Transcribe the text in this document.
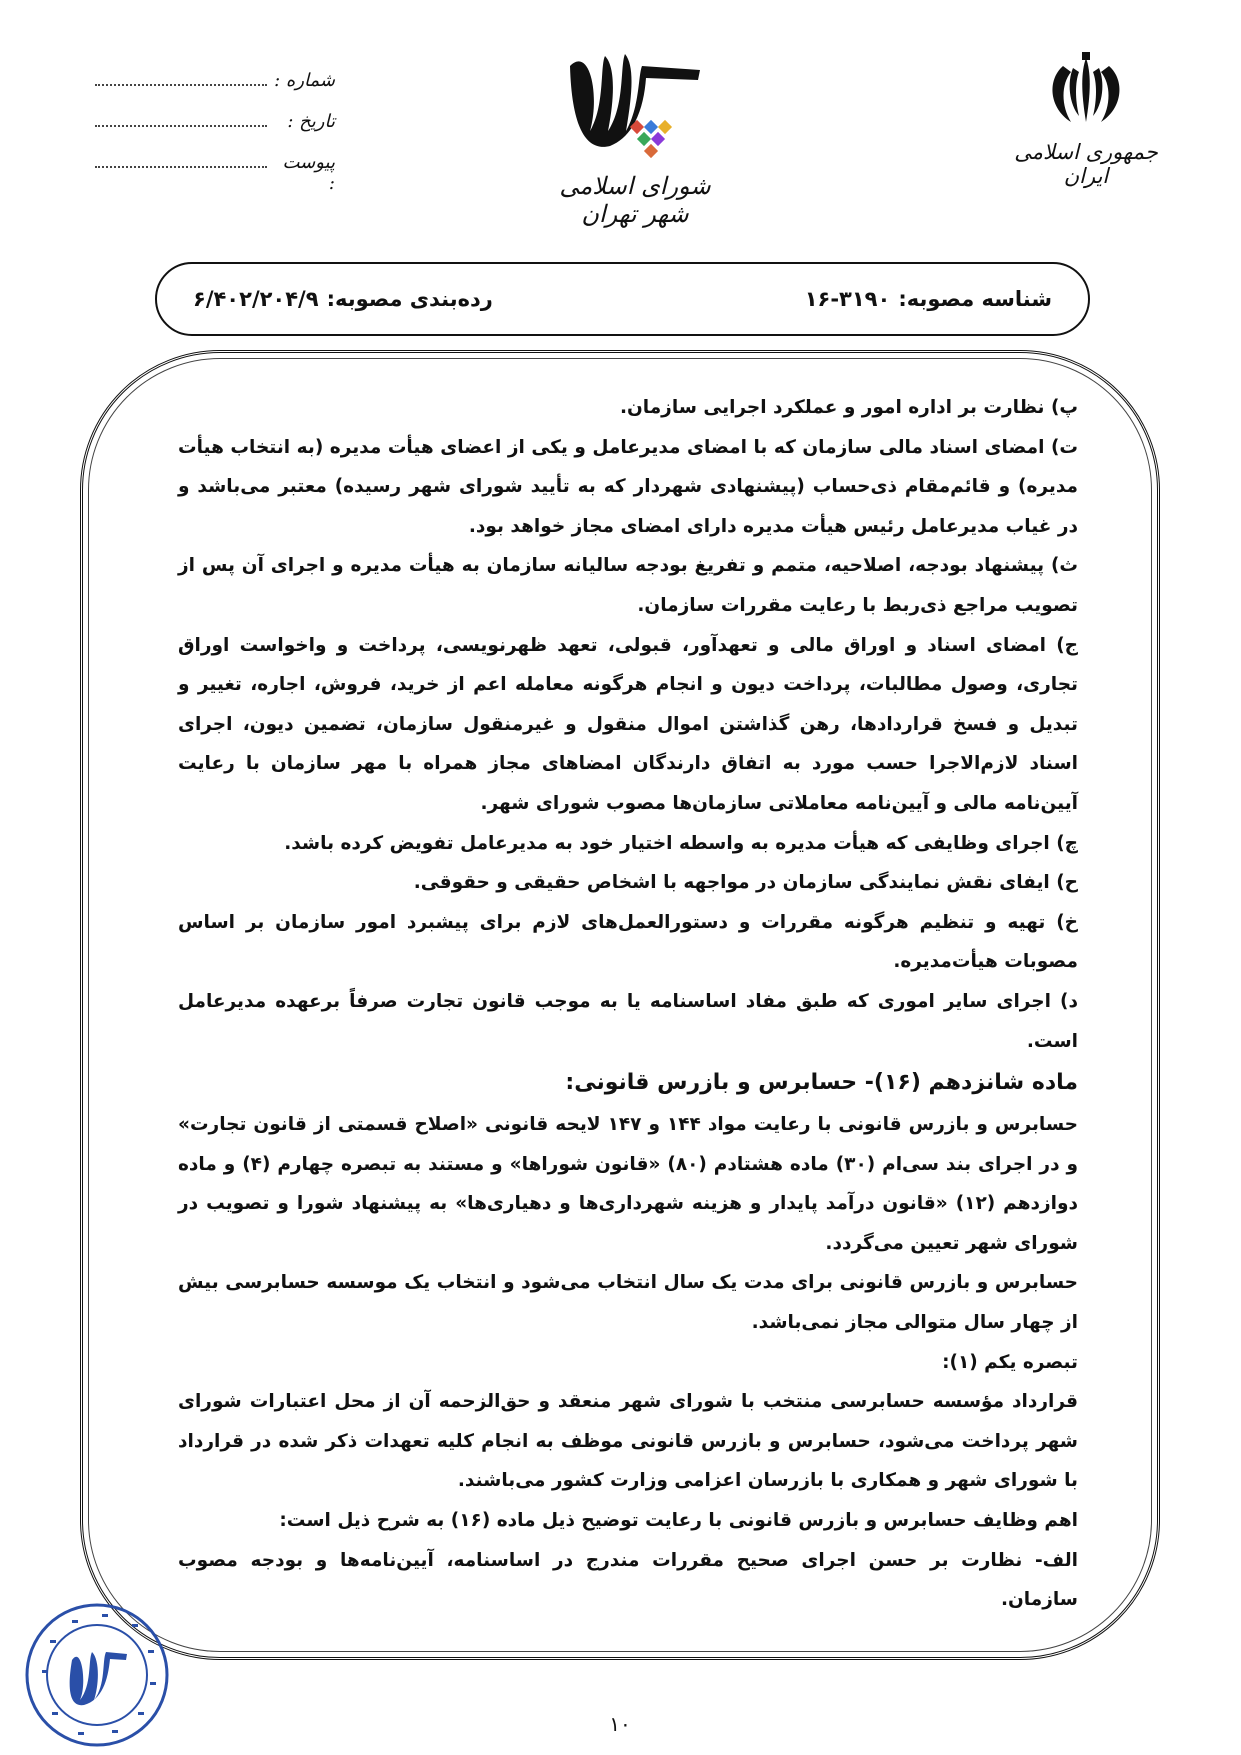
جمهوری اسلامی ایران
شورای اسلامی شهر تهران
شماره :
تاریخ :
پیوست :
شناسه مصوبه:
۱۶-۳۱۹۰
رده‌بندی مصوبه:
۶/۴۰۲/۲۰۴/۹

پ) نظارت بر اداره امور و عملکرد اجرایی سازمان.

ت) امضای اسناد مالی سازمان که با امضای مدیرعامل و یکی از اعضای هیأت مدیره (به انتخاب هیأت مدیره) و قائم‌مقام ذی‌حساب (پیشنهادی شهردار که به تأیید شورای شهر رسیده) معتبر می‌باشد و در غیاب مدیرعامل رئیس هیأت مدیره دارای امضای مجاز خواهد بود.

ث) پیشنهاد بودجه، اصلاحیه، متمم و تفریغ بودجه سالیانه سازمان به هیأت مدیره و اجرای آن پس از تصویب مراجع ذی‌ربط با رعایت مقررات سازمان.

ج) امضای اسناد و اوراق مالی و تعهدآور، قبولی، تعهد ظهرنویسی، پرداخت و واخواست اوراق تجاری، وصول مطالبات، پرداخت دیون و انجام هرگونه معامله اعم از خرید، فروش، اجاره، تغییر و تبدیل و فسخ قراردادها، رهن گذاشتن اموال منقول و غیرمنقول سازمان، تضمین دیون، اجرای اسناد لازم‌الاجرا حسب مورد به اتفاق دارندگان امضاهای مجاز همراه با مهر سازمان با رعایت آیین‌نامه مالی و آیین‌نامه معاملاتی سازمان‌ها مصوب شورای شهر.

چ) اجرای وظایفی که هیأت مدیره به واسطه اختیار خود به مدیرعامل تفویض کرده باشد.

ح) ایفای نقش نمایندگی سازمان در مواجهه با اشخاص حقیقی و حقوقی.

خ) تهیه و تنظیم هرگونه مقررات و دستورالعمل‌های لازم برای پیشبرد امور سازمان بر اساس مصوبات هیأت‌مدیره.

د) اجرای سایر اموری که طبق مفاد اساسنامه یا به موجب قانون تجارت صرفاً برعهده مدیرعامل است.

ماده شانزدهم (۱۶)- حسابرس و بازرس قانونی:

حسابرس و بازرس قانونی با رعایت مواد ۱۴۴ و ۱۴۷ لایحه قانونی «اصلاح قسمتی از قانون تجارت» و در اجرای بند سی‌ام (۳۰) ماده هشتادم (۸۰) «قانون شوراها» و مستند به تبصره چهارم (۴) و ماده دوازدهم (۱۲) «قانون درآمد پایدار و هزینه شهرداری‌ها و دهیاری‌ها» به پیشنهاد شورا و تصویب در شورای شهر تعیین می‌گردد.

حسابرس و بازرس قانونی برای مدت یک سال انتخاب می‌شود و انتخاب یک موسسه حسابرسی بیش از چهار سال متوالی مجاز نمی‌باشد.

تبصره یکم (۱):

قرارداد مؤسسه حسابرسی منتخب با شورای شهر منعقد و حق‌الزحمه آن از محل اعتبارات شورای شهر پرداخت می‌شود، حسابرس و بازرس قانونی موظف به انجام کلیه تعهدات ذکر شده در قرارداد با شورای شهر و همکاری با بازرسان اعزامی وزارت کشور می‌باشند.

اهم وظایف حسابرس و بازرس قانونی با رعایت توضیح ذیل ماده (۱۶) به شرح ذیل است:

الف- نظارت بر حسن اجرای صحیح مقررات مندرج در اساسنامه، آیین‌نامه‌ها و بودجه مصوب سازمان.

۱۰
